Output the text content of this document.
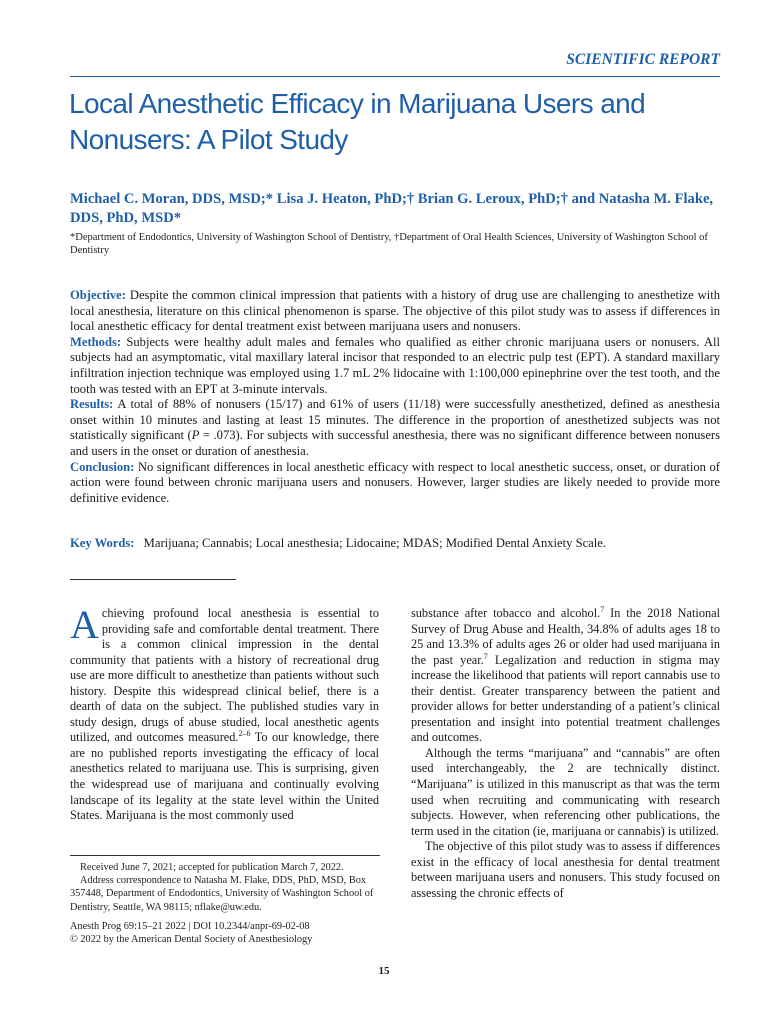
SCIENTIFIC REPORT
Local Anesthetic Efficacy in Marijuana Users and Nonusers: A Pilot Study
Michael C. Moran, DDS, MSD;* Lisa J. Heaton, PhD;† Brian G. Leroux, PhD;† and Natasha M. Flake, DDS, PhD, MSD*
*Department of Endodontics, University of Washington School of Dentistry, †Department of Oral Health Sciences, University of Washington School of Dentistry

Objective: Despite the common clinical impression that patients with a history of drug use are challenging to anesthetize with local anesthesia, literature on this clinical phenomenon is sparse. The objective of this pilot study was to assess if differences in local anesthetic efficacy for dental treatment exist between marijuana users and nonusers.

Methods: Subjects were healthy adult males and females who qualified as either chronic marijuana users or nonusers. All subjects had an asymptomatic, vital maxillary lateral incisor that responded to an electric pulp test (EPT). A standard maxillary infiltration injection technique was employed using 1.7 mL 2% lidocaine with 1:100,000 epinephrine over the test tooth, and the tooth was tested with an EPT at 3-minute intervals.

Results: A total of 88% of nonusers (15/17) and 61% of users (11/18) were successfully anesthetized, defined as anesthesia onset within 10 minutes and lasting at least 15 minutes. The difference in the proportion of anesthetized subjects was not statistically significant (P = .073). For subjects with successful anesthesia, there was no significant difference between nonusers and users in the onset or duration of anesthesia.

Conclusion: No significant differences in local anesthetic efficacy with respect to local anesthetic success, onset, or duration of action were found between chronic marijuana users and nonusers. However, larger studies are likely needed to provide more definitive evidence.

Key Words: Marijuana; Cannabis; Local anesthesia; Lidocaine; MDAS; Modified Dental Anxiety Scale.

Achieving profound local anesthesia is essential to providing safe and comfortable dental treatment. There is a common clinical impression in the dental community that patients with a history of recreational drug use are more difficult to anesthetize than patients without such history. Despite this widespread clinical belief, there is a dearth of data on the subject. The published studies vary in study design, drugs of abuse studied, local anesthetic agents utilized, and outcomes measured.$^{2-6}$ To our knowledge, there are no published reports investigating the efficacy of local anesthetics related to marijuana use. This is surprising, given the widespread use of marijuana and continually evolving landscape of its legality at the state level within the United States. Marijuana is the most commonly used

substance after tobacco and alcohol.$^7$ In the 2018 National Survey of Drug Abuse and Health, 34.8% of adults ages 18 to 25 and 13.3% of adults ages 26 or older had used marijuana in the past year.$^7$ Legalization and reduction in stigma may increase the likelihood that patients will report cannabis use to their dentist. Greater transparency between the patient and provider allows for better understanding of a patient’s clinical presentation and insight into potential treatment challenges and outcomes.

Although the terms “marijuana” and “cannabis” are often used interchangeably, the 2 are technically distinct. “Marijuana” is utilized in this manuscript as that was the term used when recruiting and communicating with research subjects. However, when referencing other publications, the term used in the citation (ie, marijuana or cannabis) is utilized.

The objective of this pilot study was to assess if differences exist in the efficacy of local anesthesia for dental treatment between marijuana users and nonusers. This study focused on assessing the chronic effects of

Received June 7, 2021; accepted for publication March 7, 2022.

Address correspondence to Natasha M. Flake, DDS, PhD, MSD, Box 357448, Department of Endodontics, University of Washington School of Dentistry, Seattle, WA 98115; nflake@uw.edu.

Anesth Prog 69:15–21 2022 | DOI 10.2344/anpr-69-02-08

© 2022 by the American Dental Society of Anesthesiology

15
